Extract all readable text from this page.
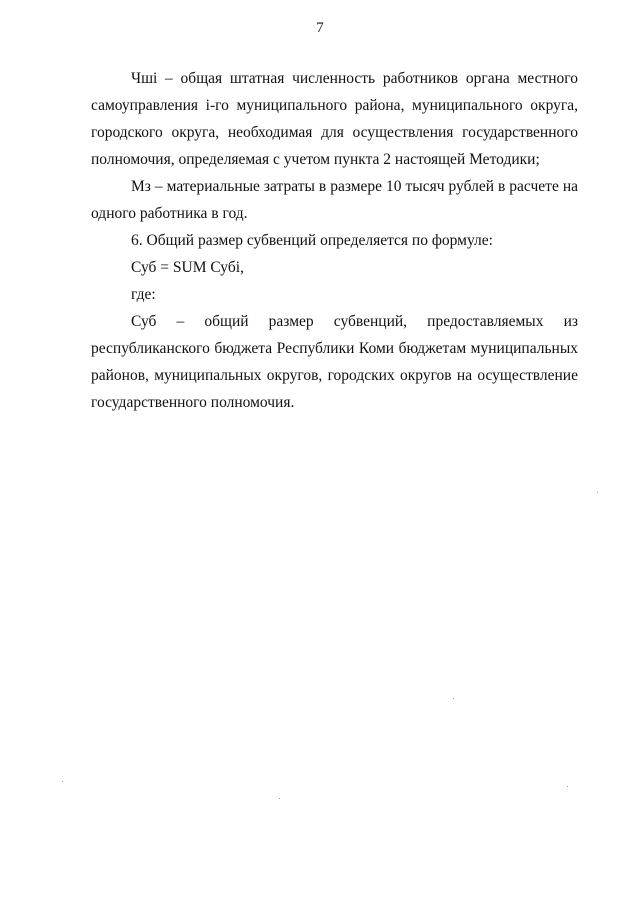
7

Чшi – общая штатная численность работников органа местного самоуправления i-го муниципального района, муниципального округа, городского округа, необходимая для осуществления государственного полномочия, определяемая с учетом пункта 2 настоящей Методики;

Мз – материальные затраты в размере 10 тысяч рублей в расчете на одного работника в год.

6. Общий размер субвенций определяется по формуле:

Суб = SUM Субi,

где:

Суб – общий размер субвенций, предоставляемых из республиканского бюджета Республики Коми бюджетам муниципальных районов, муниципальных округов, городских округов на осуществление государственного полномочия.
